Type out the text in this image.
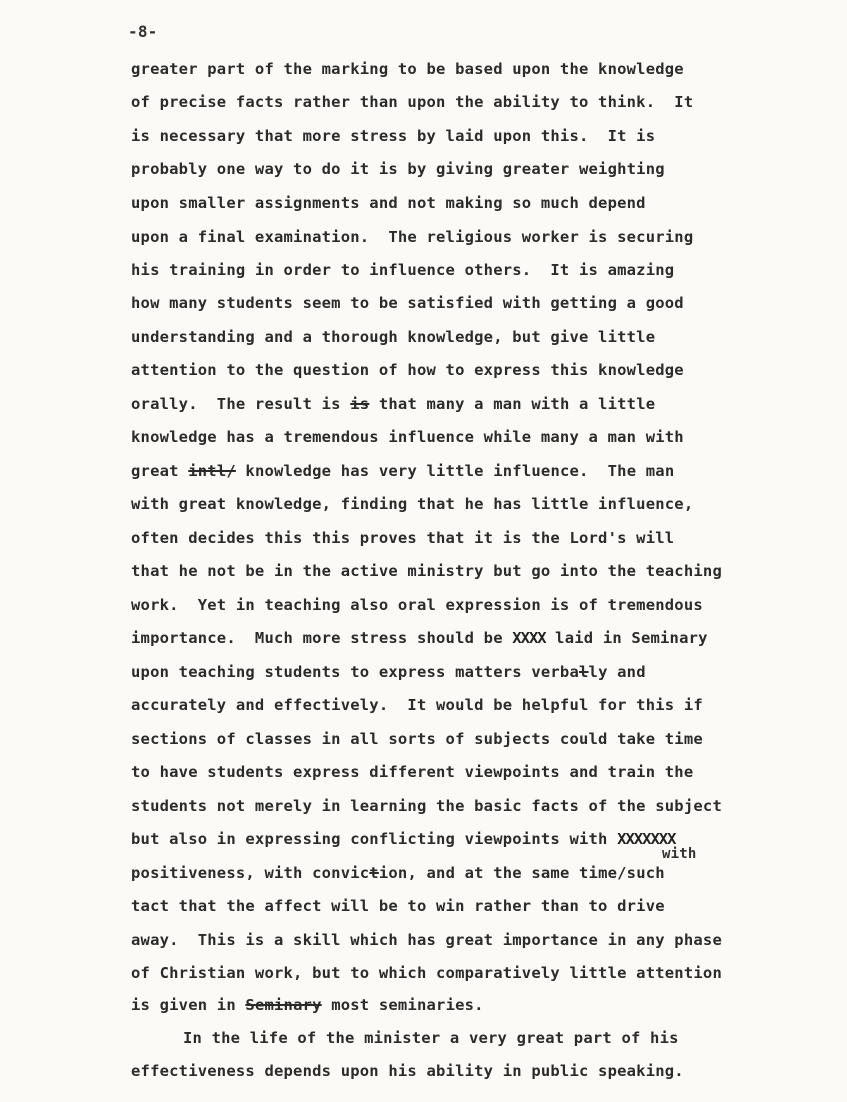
-8-
greater part of the marking to be based upon the knowledge
of precise facts rather than upon the ability to think.  It
is necessary that more stress by laid upon this.  It is
probably one way to do it is by giving greater weighting
upon smaller assignments and not making so much depend
upon a final examination.  The religious worker is securing
his training in order to influence others.  It is amazing
how many students seem to be satisfied with getting a good
understanding and a thorough knowledge, but give little
attention to the question of how to express this knowledge
orally.  The result is is that many a man with a little
knowledge has a tremendous influence while many a man with
great intl/ knowledge has very little influence.  The man
with great knowledge, finding that he has little influence,
often decides this this proves that it is the Lord's will
that he not be in the active ministry but go into the teaching
work.  Yet in teaching also oral expression is of tremendous
importance.  Much more stress should be XXXX laid in Seminary
upon teaching students to express matters verbally and
accurately and effectively.  It would be helpful for this if
sections of classes in all sorts of subjects could take time
to have students express different viewpoints and train the
students not merely in learning the basic facts of the subject
but also in expressing conflicting viewpoints with XXXXXXX
with
positiveness, with conviction, and at the same time/such
tact that the affect will be to win rather than to drive
away.  This is a skill which has great importance in any phase
of Christian work, but to which comparatively little attention
is given in Seminary most seminaries.
In the life of the minister a very great part of his
effectiveness depends upon his ability in public speaking.
